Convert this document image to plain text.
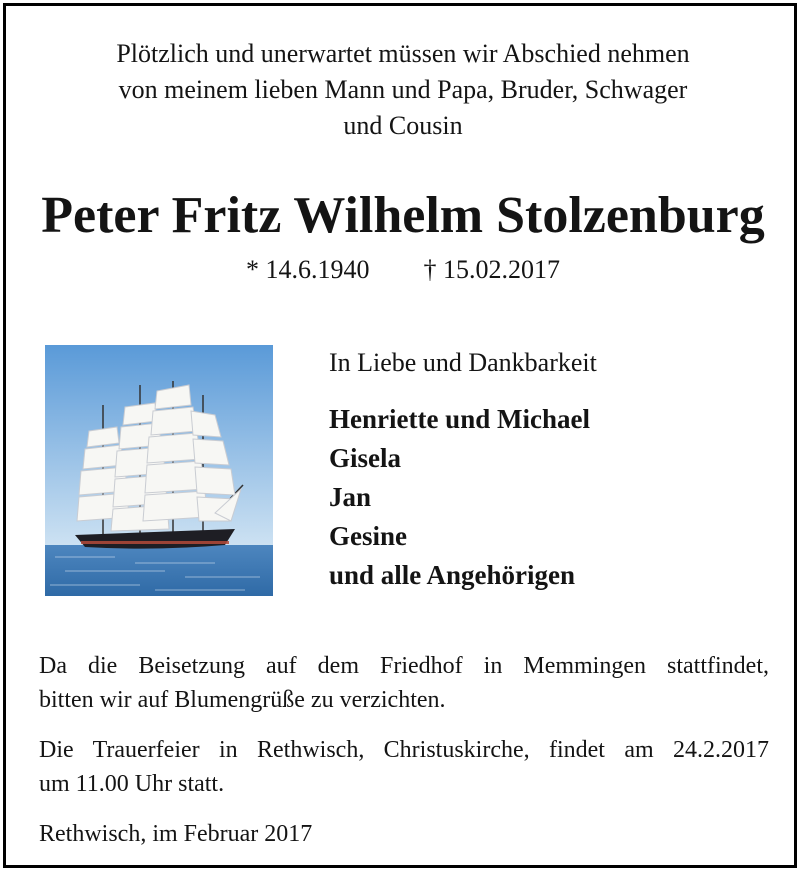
Plötzlich und unerwartet müssen wir Abschied nehmen
von meinem lieben Mann und Papa, Bruder, Schwager
und Cousin
Peter Fritz Wilhelm Stolzenburg
* 14.6.1940 † 15.02.2017
In Liebe und Dankbarkeit
Henriette und Michael
Gisela
Jan
Gesine
und alle Angehörigen
Da die Beisetzung auf dem Friedhof in Memmingen stattfindet,
bitten wir auf Blumengrüße zu verzichten.
Die Trauerfeier in Rethwisch, Christuskirche, findet am 24.2.2017
um 11.00 Uhr statt.
Rethwisch, im Februar 2017
